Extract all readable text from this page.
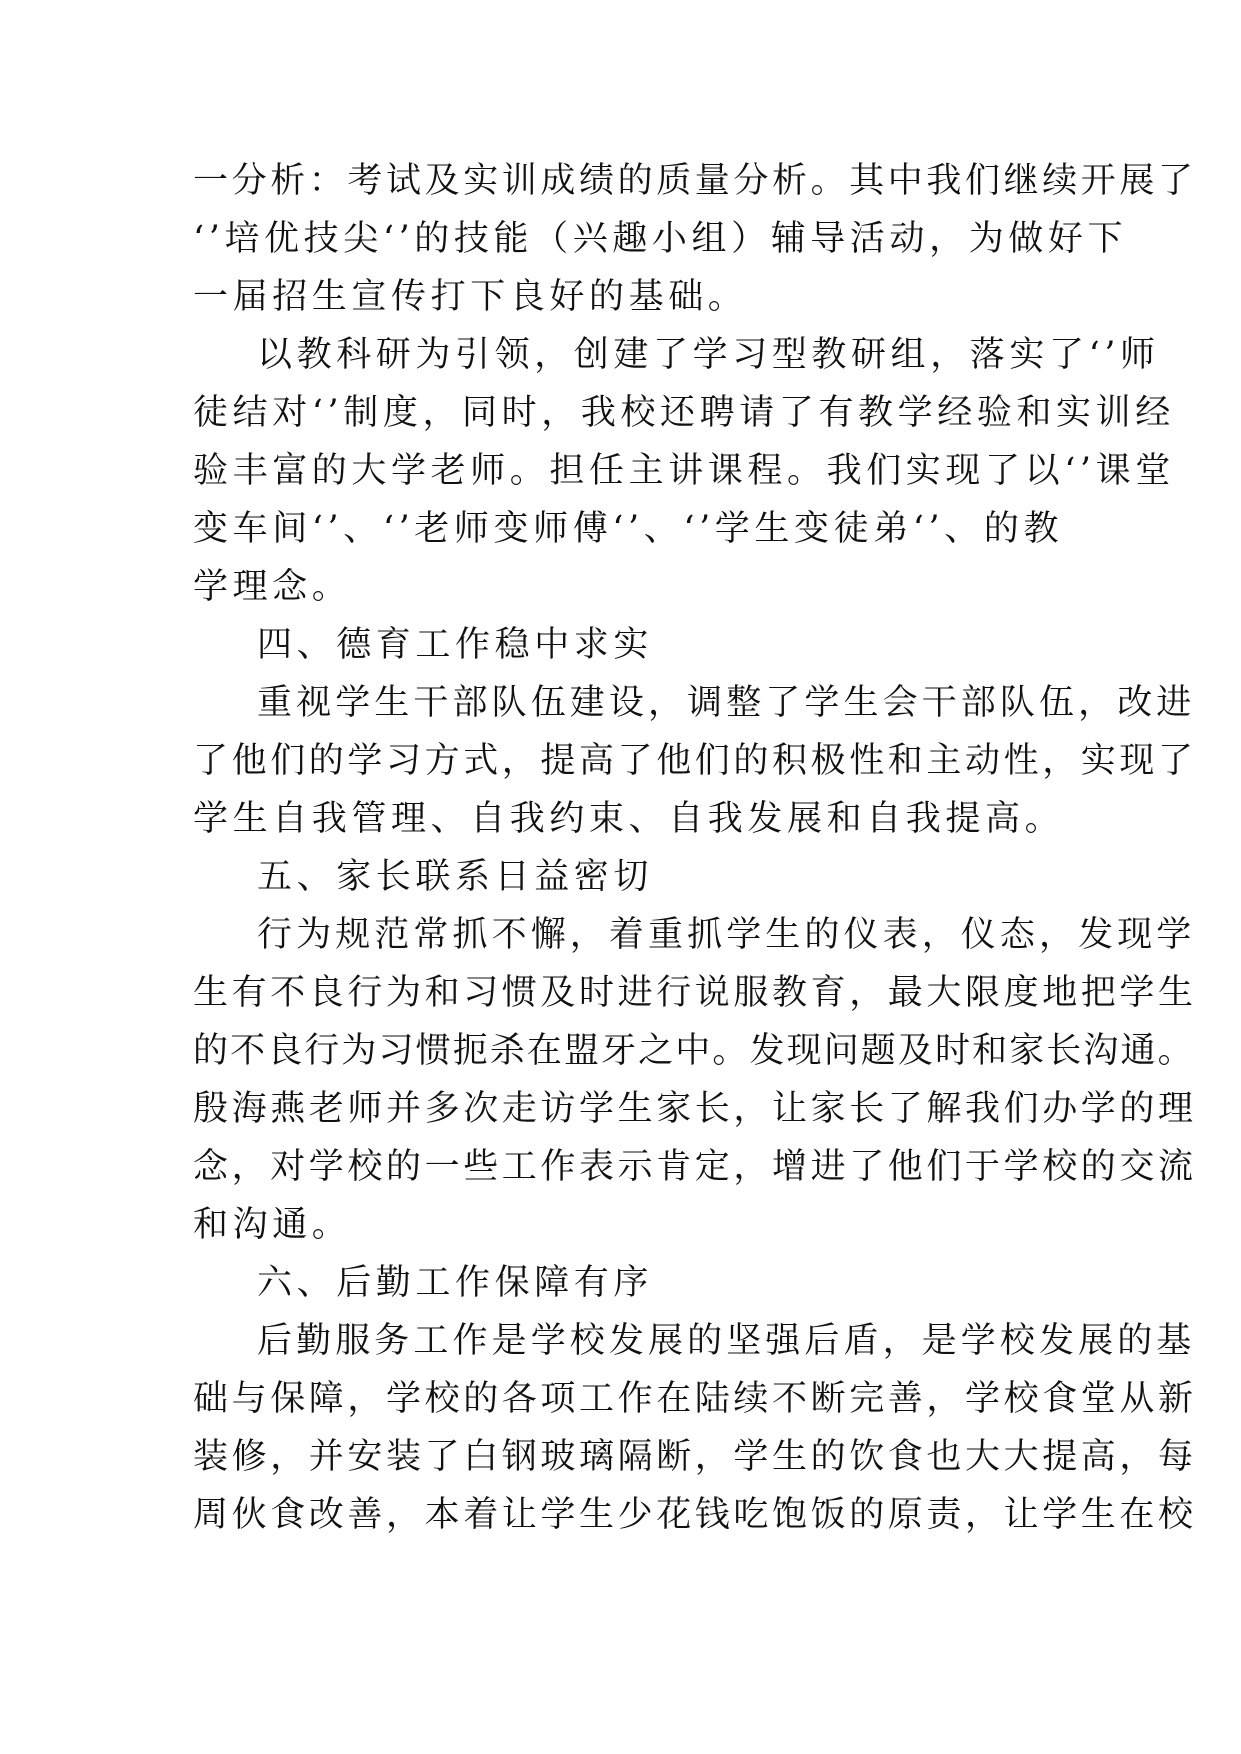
一分析：考试及实训成绩的质量分析。其中我们继续开展了

‘’培优技尖‘’的技能（兴趣小组）辅导活动，为做好下

一届招生宣传打下良好的基础。

以教科研为引领，创建了学习型教研组，落实了‘’师

徒结对‘’制度，同时，我校还聘请了有教学经验和实训经

验丰富的大学老师。担任主讲课程。我们实现了以‘’课堂

变车间‘’、‘’老师变师傅‘’、‘’学生变徒弟‘’、的教

学理念。

四、德育工作稳中求实

重视学生干部队伍建设，调整了学生会干部队伍，改进

了他们的学习方式，提高了他们的积极性和主动性，实现了

学生自我管理、自我约束、自我发展和自我提高。

五、家长联系日益密切

行为规范常抓不懈，着重抓学生的仪表，仪态，发现学

生有不良行为和习惯及时进行说服教育，最大限度地把学生

的不良行为习惯扼杀在盟牙之中。发现问题及时和家长沟通。

殷海燕老师并多次走访学生家长，让家长了解我们办学的理

念，对学校的一些工作表示肯定，增进了他们于学校的交流

和沟通。

六、后勤工作保障有序

后勤服务工作是学校发展的坚强后盾，是学校发展的基

础与保障，学校的各项工作在陆续不断完善，学校食堂从新

装修，并安装了白钢玻璃隔断，学生的饮食也大大提高，每

周伙食改善，本着让学生少花钱吃饱饭的原责，让学生在校
